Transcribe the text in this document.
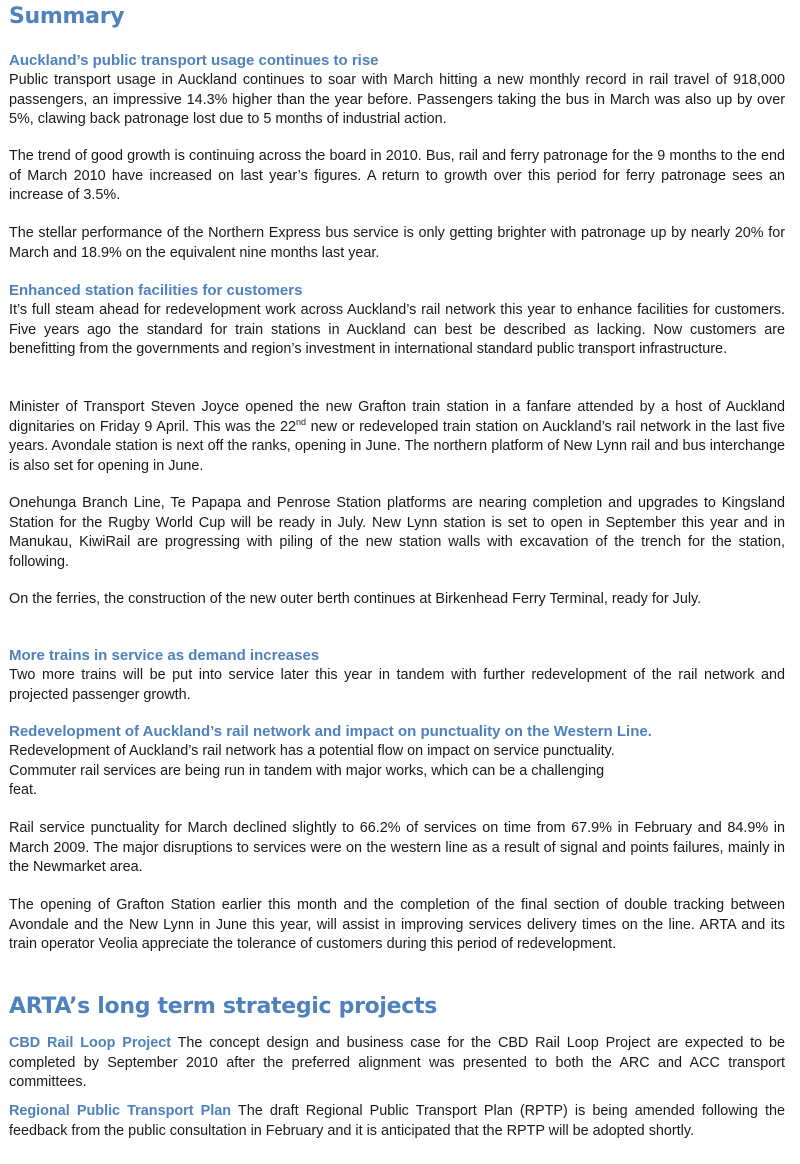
Summary
Auckland’s public transport usage continues to rise

Public transport usage in Auckland continues to soar with March hitting a new monthly record in rail travel of 918,000 passengers, an impressive 14.3% higher than the year before. Passengers taking the bus in March was also up by over 5%, clawing back patronage lost due to 5 months of industrial action.

The trend of good growth is continuing across the board in 2010. Bus, rail and ferry patronage for the 9 months to the end of March 2010 have increased on last year’s figures. A return to growth over this period for ferry patronage sees an increase of 3.5%.

The stellar performance of the Northern Express bus service is only getting brighter with patronage up by nearly 20% for March and 18.9% on the equivalent nine months last year.

Enhanced station facilities for customers

It’s full steam ahead for redevelopment work across Auckland’s rail network this year to enhance facilities for customers. Five years ago the standard for train stations in Auckland can best be described as lacking. Now customers are benefitting from the governments and region’s investment in international standard public transport infrastructure.

Minister of Transport Steven Joyce opened the new Grafton train station in a fanfare attended by a host of Auckland dignitaries on Friday 9 April. This was the 22nd new or redeveloped train station on Auckland’s rail network in the last five years. Avondale station is next off the ranks, opening in June. The northern platform of New Lynn rail and bus interchange is also set for opening in June.

Onehunga Branch Line, Te Papapa and Penrose Station platforms are nearing completion and upgrades to Kingsland Station for the Rugby World Cup will be ready in July. New Lynn station is set to open in September this year and in Manukau, KiwiRail are progressing with piling of the new station walls with excavation of the trench for the station, following.

On the ferries, the construction of the new outer berth continues at Birkenhead Ferry Terminal, ready for July.

More trains in service as demand increases

Two more trains will be put into service later this year in tandem with further redevelopment of the rail network and projected passenger growth.

Redevelopment of Auckland’s rail network and impact on punctuality on the Western Line.
Redevelopment of Auckland’s rail network has a potential flow on impact on service punctuality.
Commuter rail services are being run in tandem with major works, which can be a challenging
feat.

Rail service punctuality for March declined slightly to 66.2% of services on time from 67.9% in February and 84.9% in March 2009. The major disruptions to services were on the western line as a result of signal and points failures, mainly in the Newmarket area.

The opening of Grafton Station earlier this month and the completion of the final section of double tracking between Avondale and the New Lynn in June this year, will assist in improving services delivery times on the line. ARTA and its train operator Veolia appreciate the tolerance of customers during this period of redevelopment.

ARTA’s long term strategic projects

CBD Rail Loop Project The concept design and business case for the CBD Rail Loop Project are expected to be completed by September 2010 after the preferred alignment was presented to both the ARC and ACC transport committees.

Regional Public Transport Plan The draft Regional Public Transport Plan (RPTP) is being amended following the feedback from the public consultation in February and it is anticipated that the RPTP will be adopted shortly.
